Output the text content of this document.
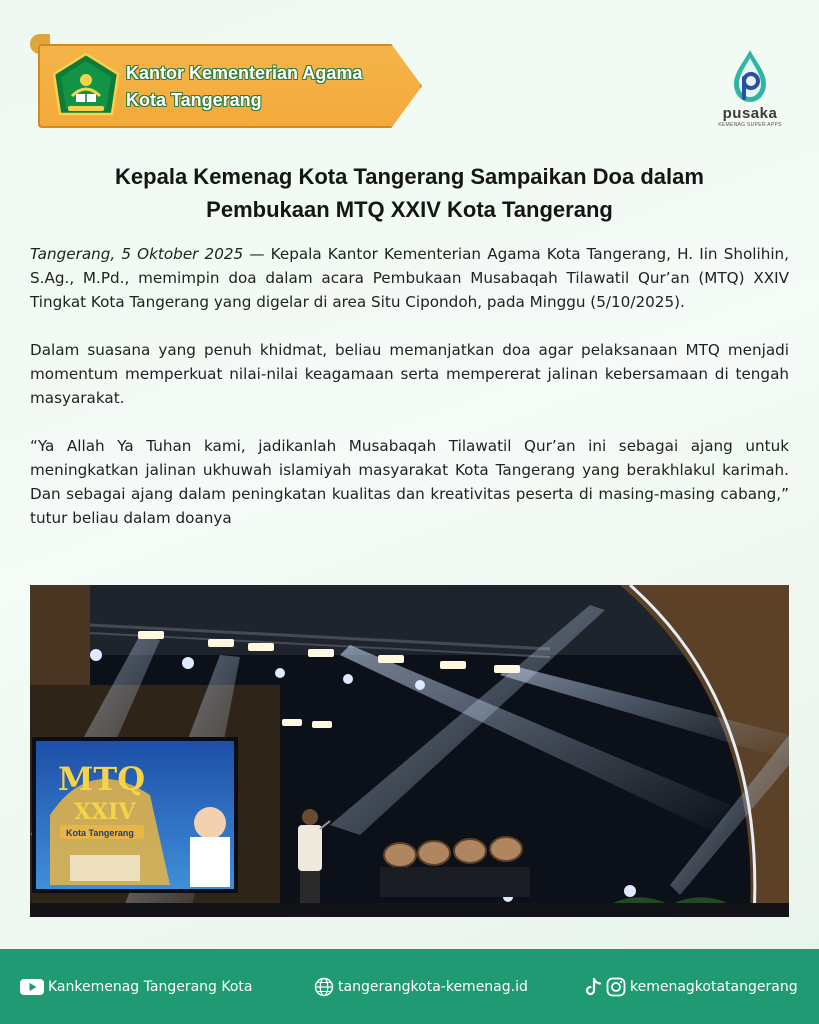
Kantor Kementerian Agama
Kota Tangerang
pusaka
KEMENAG SUPER APPS
Kepala Kemenag Kota Tangerang Sampaikan Doa dalam
Pembukaan MTQ XXIV Kota Tangerang

Tangerang, 5 Oktober 2025 — Kepala Kantor Kementerian Agama Kota Tangerang, H. Iin Sholihin, S.Ag., M.Pd., memimpin doa dalam acara Pembukaan Musabaqah Tilawatil Qur’an (MTQ) XXIV Tingkat Kota Tangerang yang digelar di area Situ Cipondoh, pada Minggu (5/10/2025).

Dalam suasana yang penuh khidmat, beliau memanjatkan doa agar pelaksanaan MTQ menjadi momentum memperkuat nilai-nilai keagamaan serta mempererat jalinan kebersamaan di tengah masyarakat.

“Ya Allah Ya Tuhan kami, jadikanlah Musabaqah Tilawatil Qur’an ini sebagai ajang untuk meningkatkan jalinan ukhuwah islamiyah masyarakat Kota Tangerang yang berakhlakul karimah. Dan sebagai ajang dalam peningkatan kualitas dan kreativitas peserta di masing-masing cabang,” tutur beliau dalam doanya

MTQ
XXIV
Kota Tangerang
Kankemenag Tangerang Kota	tangerangkota-kemenag.id	kemenagkotatangerang
